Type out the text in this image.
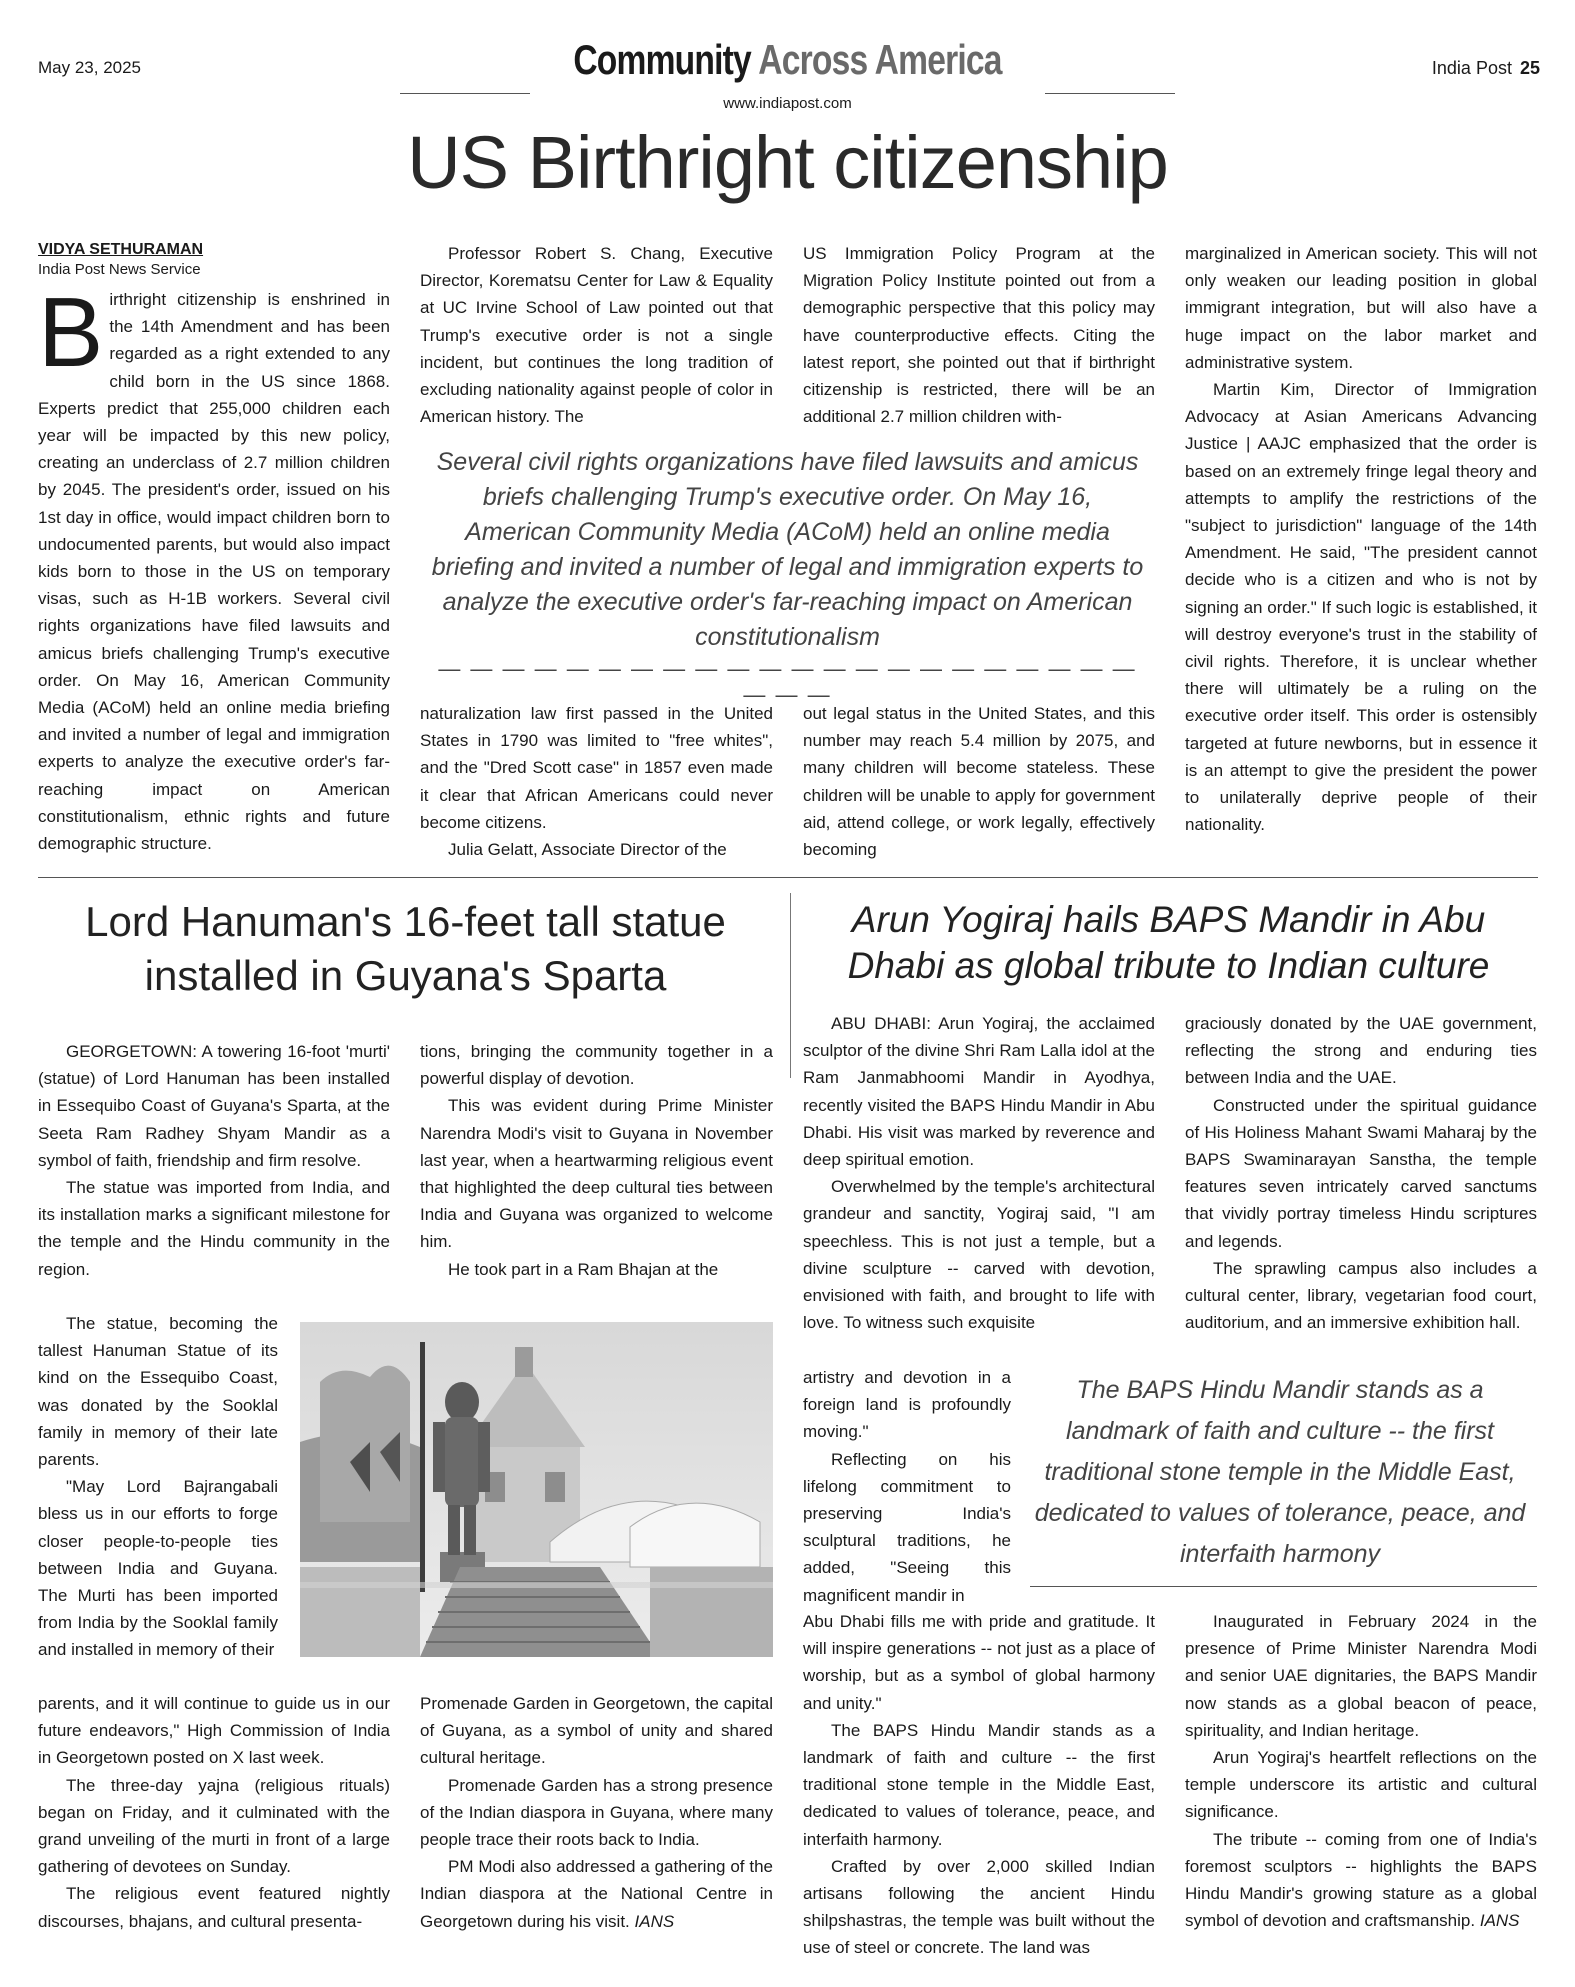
May 23, 2025	Community Across America	India Post 25
www.indiapost.com
US Birthright citizenship
VIDYA SETHURAMAN
India Post News Service
B irthright citizenship is enshrined in the 14th Amendment and has been regarded as a right extended to any child born in the US since 1868. Experts predict that 255,000 children each year will be impacted by this new policy, creating an underclass of 2.7 million children by 2045. The president's order, issued on his 1st day in office, would impact children born to undocumented parents, but would also impact kids born to those in the US on temporary visas, such as H-1B workers. Several civil rights organizations have filed lawsuits and amicus briefs challenging Trump's executive order. On May 16, American Community Media (ACoM) held an online media briefing and invited a number of legal and immigration experts to analyze the executive order's far-reaching impact on American constitutionalism, ethnic rights and future demographic structure.

Professor Robert S. Chang, Executive Director, Korematsu Center for Law & Equality at UC Irvine School of Law pointed out that Trump's executive order is not a single incident, but continues the long tradition of excluding nationality against people of color in American history. The

US Immigration Policy Program at the Migration Policy Institute pointed out from a demographic perspective that this policy may have counterproductive effects. Citing the latest report, she pointed out that if birthright citizenship is restricted, there will be an additional 2.7 million children with-

Several civil rights organizations have filed lawsuits and amicus briefs challenging Trump's executive order. On May 16, American Community Media (ACoM) held an online media briefing and invited a number of legal and immigration experts to analyze the executive order's far-reaching impact on American constitutionalism
— — — — — — — — — — — — — — — — — — — — — — — — —

naturalization law first passed in the United States in 1790 was limited to "free whites", and the "Dred Scott case" in 1857 even made it clear that African Americans could never become citizens.

Julia Gelatt, Associate Director of the

out legal status in the United States, and this number may reach 5.4 million by 2075, and many children will become stateless. These children will be unable to apply for government aid, attend college, or work legally, effectively becoming

marginalized in American society. This will not only weaken our leading position in global immigrant integration, but will also have a huge impact on the labor market and administrative system.

Martin Kim, Director of Immigration Advocacy at Asian Americans Advancing Justice | AAJC emphasized that the order is based on an extremely fringe legal theory and attempts to amplify the restrictions of the "subject to jurisdiction" language of the 14th Amendment. He said, "The president cannot decide who is a citizen and who is not by signing an order." If such logic is established, it will destroy everyone's trust in the stability of civil rights. Therefore, it is unclear whether there will ultimately be a ruling on the executive order itself. This order is ostensibly targeted at future newborns, but in essence it is an attempt to give the president the power to unilaterally deprive people of their nationality.

Lord Hanuman's 16-feet tall statue installed in Guyana's Sparta

GEORGETOWN: A towering 16-foot 'murti' (statue) of Lord Hanuman has been installed in Essequibo Coast of Guyana's Sparta, at the Seeta Ram Radhey Shyam Mandir as a symbol of faith, friendship and firm resolve.

The statue was imported from India, and its installation marks a significant milestone for the temple and the Hindu community in the region.

The statue, becoming the tallest Hanuman Statue of its kind on the Essequibo Coast, was donated by the Sooklal family in memory of their late parents.

"May Lord Bajrangabali bless us in our efforts to forge closer people-to-people ties between India and Guyana. The Murti has been imported from India by the Sooklal family and installed in memory of their

parents, and it will continue to guide us in our future endeavors," High Commission of India in Georgetown posted on X last week.

The three-day yajna (religious rituals) began on Friday, and it culminated with the grand unveiling of the murti in front of a large gathering of devotees on Sunday.

The religious event featured nightly discourses, bhajans, and cultural presenta-

tions, bringing the community together in a powerful display of devotion.

This was evident during Prime Minister Narendra Modi's visit to Guyana in November last year, when a heartwarming religious event that highlighted the deep cultural ties between India and Guyana was organized to welcome him.

He took part in a Ram Bhajan at the

Promenade Garden in Georgetown, the capital of Guyana, as a symbol of unity and shared cultural heritage.

Promenade Garden has a strong presence of the Indian diaspora in Guyana, where many people trace their roots back to India.

PM Modi also addressed a gathering of the Indian diaspora at the National Centre in Georgetown during his visit. IANS

Arun Yogiraj hails BAPS Mandir in Abu Dhabi as global tribute to Indian culture

ABU DHABI: Arun Yogiraj, the acclaimed sculptor of the divine Shri Ram Lalla idol at the Ram Janmabhoomi Mandir in Ayodhya, recently visited the BAPS Hindu Mandir in Abu Dhabi. His visit was marked by reverence and deep spiritual emotion.

Overwhelmed by the temple's architectural grandeur and sanctity, Yogiraj said, "I am speechless. This is not just a temple, but a divine sculpture -- carved with devotion, envisioned with faith, and brought to life with love. To witness such exquisite

artistry and devotion in a foreign land is profoundly moving."

Reflecting on his lifelong commitment to preserving India's sculptural traditions, he added, "Seeing this magnificent mandir in

Abu Dhabi fills me with pride and gratitude. It will inspire generations -- not just as a place of worship, but as a symbol of global harmony and unity."

The BAPS Hindu Mandir stands as a landmark of faith and culture -- the first traditional stone temple in the Middle East, dedicated to values of tolerance, peace, and interfaith harmony.

Crafted by over 2,000 skilled Indian artisans following the ancient Hindu shilpshastras, the temple was built without the use of steel or concrete. The land was

graciously donated by the UAE government, reflecting the strong and enduring ties between India and the UAE.

Constructed under the spiritual guidance of His Holiness Mahant Swami Maharaj by the BAPS Swaminarayan Sanstha, the temple features seven intricately carved sanctums that vividly portray timeless Hindu scriptures and legends.

The sprawling campus also includes a cultural center, library, vegetarian food court, auditorium, and an immersive exhibition hall.

The BAPS Hindu Mandir stands as a landmark of faith and culture -- the first traditional stone temple in the Middle East, dedicated to values of tolerance, peace, and interfaith harmony

Inaugurated in February 2024 in the presence of Prime Minister Narendra Modi and senior UAE dignitaries, the BAPS Mandir now stands as a global beacon of peace, spirituality, and Indian heritage.

Arun Yogiraj's heartfelt reflections on the temple underscore its artistic and cultural significance.

The tribute -- coming from one of India's foremost sculptors -- highlights the BAPS Hindu Mandir's growing stature as a global symbol of devotion and craftsmanship. IANS
